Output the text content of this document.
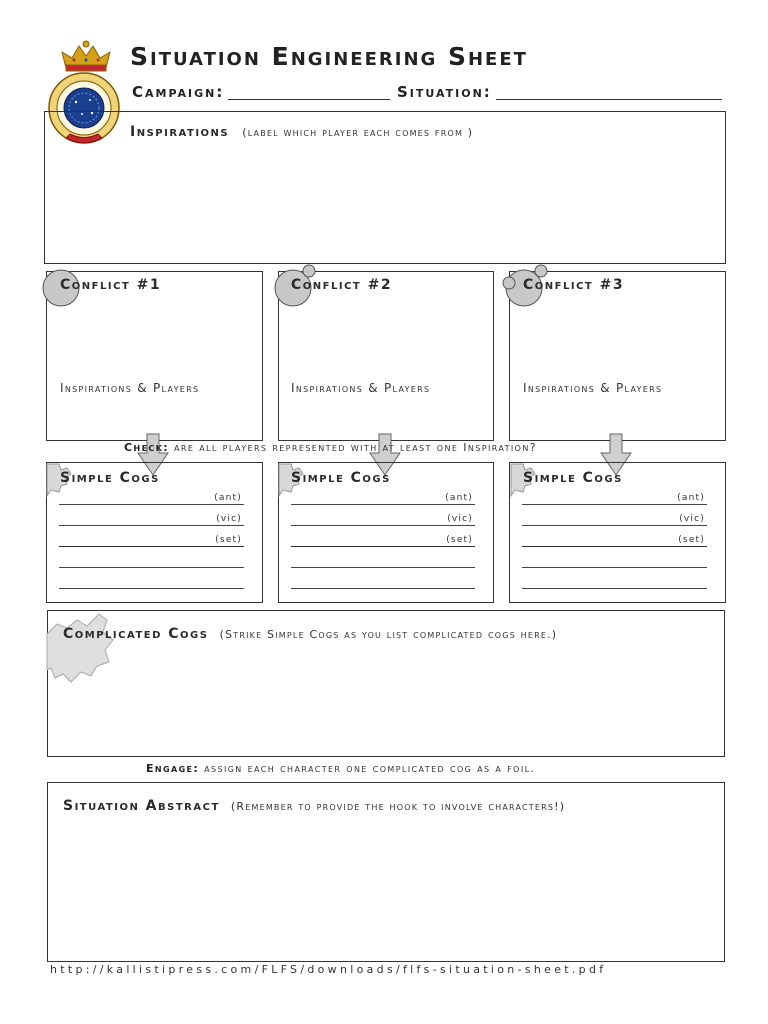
Situation Engineering Sheet
Campaign:	Situation:
Inspirations (label which player each comes from )
Conflict #1
Inspirations & Players
Conflict #2
Inspirations & Players
Conflict #3
Inspirations & Players
Check: are all players represented with at least one Inspiration?
Simple Cogs
(ant)
(vic)
(set)
Simple Cogs
(ant)
(vic)
(set)
Simple Cogs
(ant)
(vic)
(set)
Complicated Cogs (Strike Simple Cogs as you list complicated cogs here.)
Engage: assign each character one complicated cog as a foil.
Situation Abstract (Remember to provide the hook to involve characters!)
http://kallistipress.com/FLFS/downloads/flfs-situation-sheet.pdf
